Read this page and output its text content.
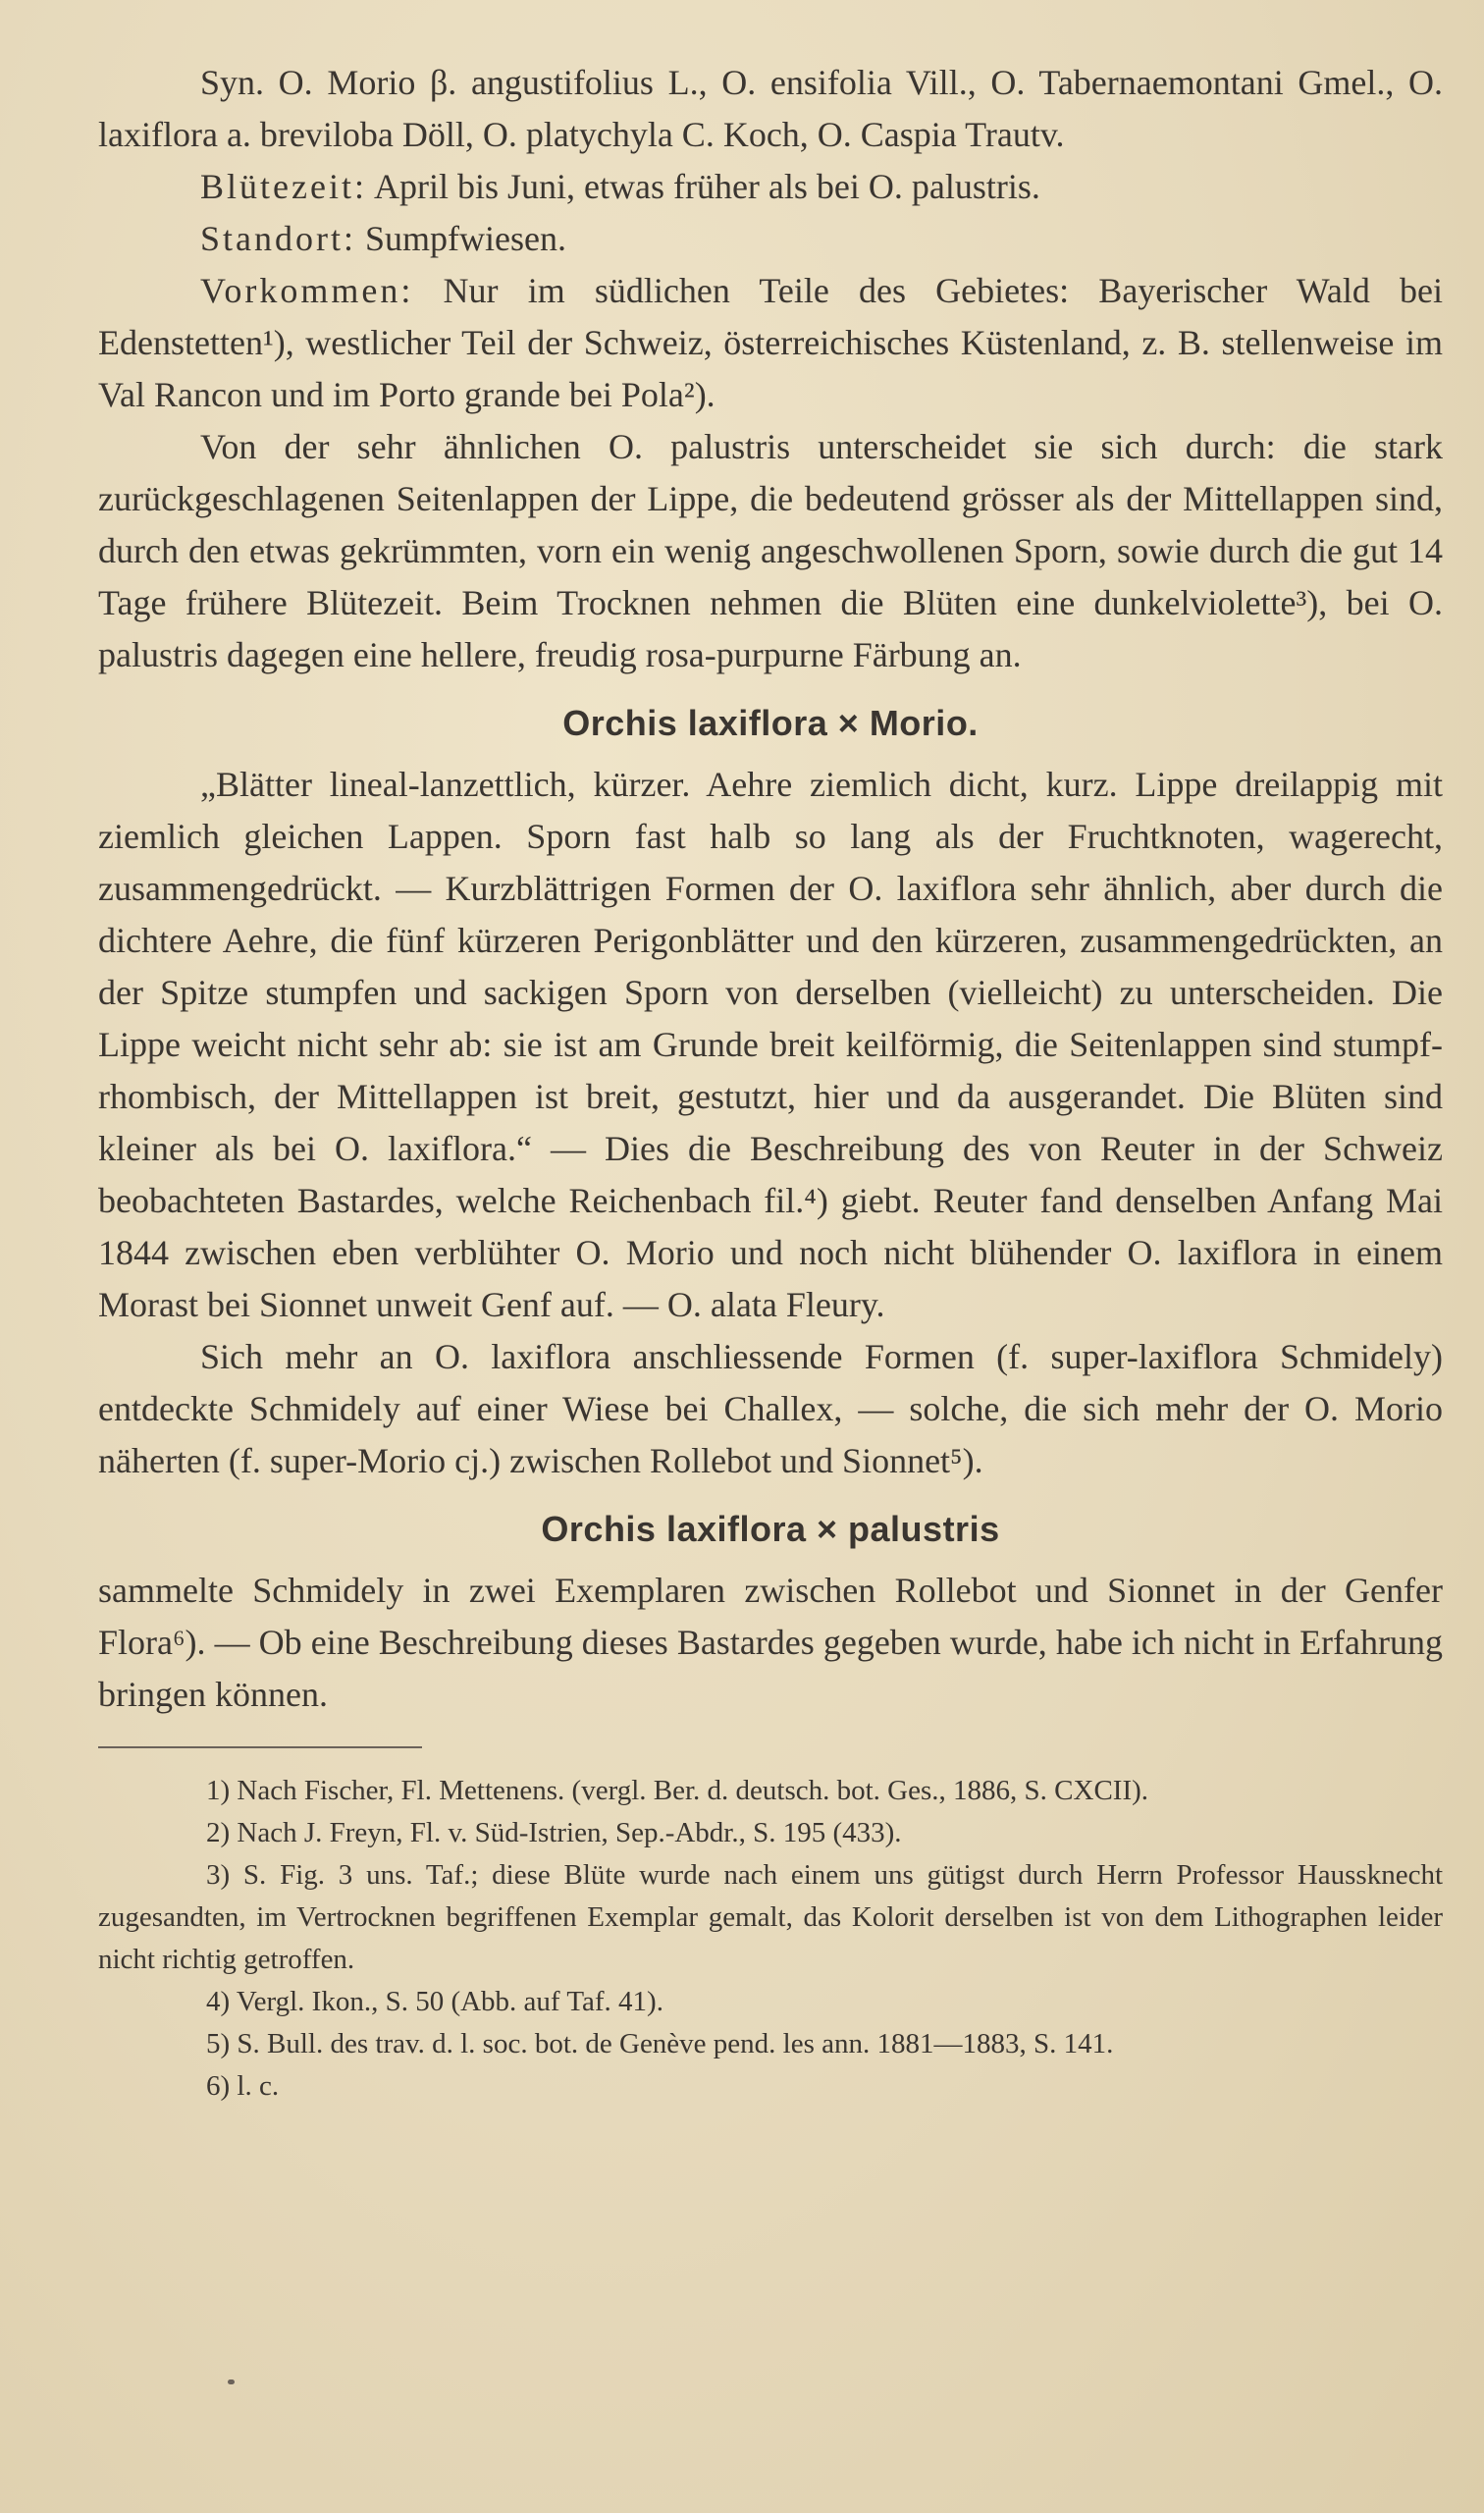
Syn. O. Morio β. angustifolius L., O. ensifolia Vill., O. Tabernaemontani Gmel., O. laxiflora a. breviloba Döll, O. platychyla C. Koch, O. Caspia Trautv.

Blütezeit: April bis Juni, etwas früher als bei O. palustris.

Standort: Sumpfwiesen.

Vorkommen: Nur im südlichen Teile des Gebietes: Bayerischer Wald bei Edenstetten¹), westlicher Teil der Schweiz, österreichisches Küstenland, z. B. stellenweise im Val Rancon und im Porto grande bei Pola²).

Von der sehr ähnlichen O. palustris unterscheidet sie sich durch: die stark zurückgeschlagenen Seitenlappen der Lippe, die bedeutend grösser als der Mittellappen sind, durch den etwas gekrümmten, vorn ein wenig angeschwollenen Sporn, sowie durch die gut 14 Tage frühere Blütezeit. Beim Trocknen nehmen die Blüten eine dunkelviolette³), bei O. palustris dagegen eine hellere, freudig rosa-purpurne Färbung an.

Orchis laxiflora × Morio.

„Blätter lineal-lanzettlich, kürzer. Aehre ziemlich dicht, kurz. Lippe dreilappig mit ziemlich gleichen Lappen. Sporn fast halb so lang als der Fruchtknoten, wagerecht, zusammengedrückt. — Kurzblättrigen Formen der O. laxiflora sehr ähnlich, aber durch die dichtere Aehre, die fünf kürzeren Perigonblätter und den kürzeren, zusammengedrückten, an der Spitze stumpfen und sackigen Sporn von derselben (vielleicht) zu unterscheiden. Die Lippe weicht nicht sehr ab: sie ist am Grunde breit keilförmig, die Seitenlappen sind stumpf-rhombisch, der Mittellappen ist breit, gestutzt, hier und da ausgerandet. Die Blüten sind kleiner als bei O. laxiflora.“ — Dies die Beschreibung des von Reuter in der Schweiz beobachteten Bastardes, welche Reichenbach fil.⁴) giebt. Reuter fand denselben Anfang Mai 1844 zwischen eben verblühter O. Morio und noch nicht blühender O. laxiflora in einem Morast bei Sionnet unweit Genf auf. — O. alata Fleury.

Sich mehr an O. laxiflora anschliessende Formen (f. super-laxiflora Schmidely) entdeckte Schmidely auf einer Wiese bei Challex, — solche, die sich mehr der O. Morio näherten (f. super-Morio cj.) zwischen Rollebot und Sionnet⁵).

Orchis laxiflora × palustris

sammelte Schmidely in zwei Exemplaren zwischen Rollebot und Sionnet in der Genfer Flora⁶). — Ob eine Beschreibung dieses Bastardes gegeben wurde, habe ich nicht in Erfahrung bringen können.

1) Nach Fischer, Fl. Mettenens. (vergl. Ber. d. deutsch. bot. Ges., 1886, S. CXCII).

2) Nach J. Freyn, Fl. v. Süd-Istrien, Sep.-Abdr., S. 195 (433).

3) S. Fig. 3 uns. Taf.; diese Blüte wurde nach einem uns gütigst durch Herrn Professor Haussknecht zugesandten, im Vertrocknen begriffenen Exemplar gemalt, das Kolorit derselben ist von dem Lithographen leider nicht richtig getroffen.

4) Vergl. Ikon., S. 50 (Abb. auf Taf. 41).

5) S. Bull. des trav. d. l. soc. bot. de Genève pend. les ann. 1881—1883, S. 141.

6) l. c.
